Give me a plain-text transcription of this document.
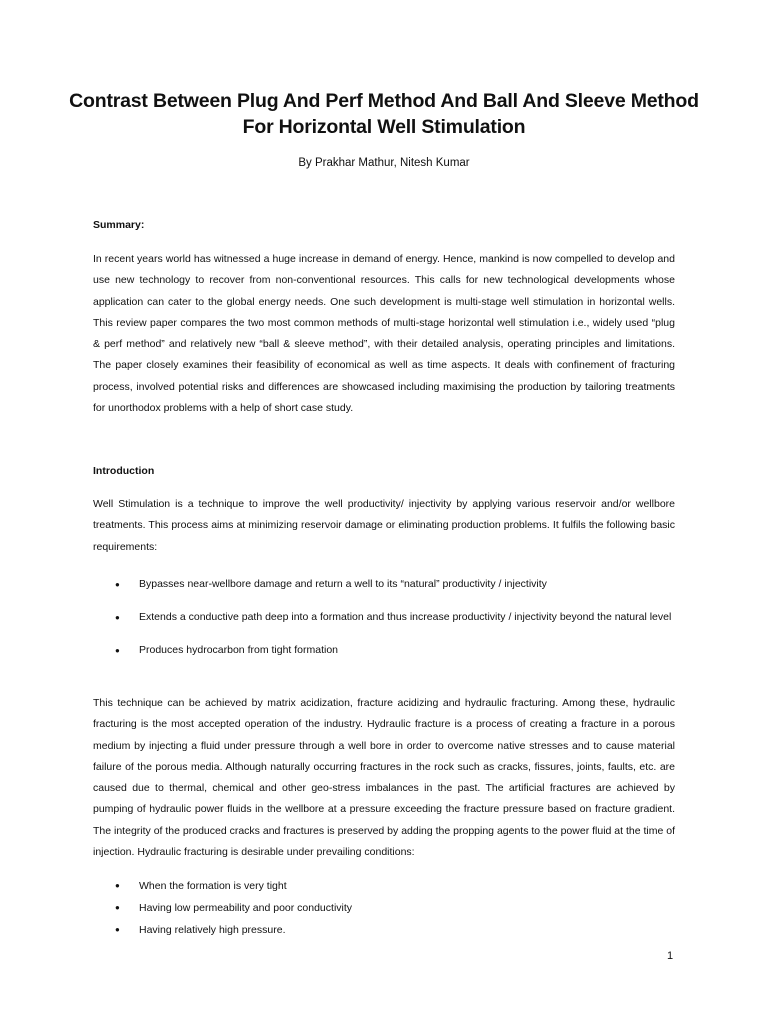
Contrast Between Plug And Perf Method And Ball And Sleeve Method For Horizontal Well Stimulation
By Prakhar Mathur, Nitesh Kumar
Summary:
In recent years world has witnessed a huge increase in demand of energy. Hence, mankind is now compelled to develop and use new technology to recover from non-conventional resources. This calls for new technological developments whose application can cater to the global energy needs. One such development is multi-stage well stimulation in horizontal wells. This review paper compares the two most common methods of multi-stage horizontal well stimulation i.e., widely used “plug & perf method” and relatively new “ball & sleeve method”, with their detailed analysis, operating principles and limitations. The paper closely examines their feasibility of economical as well as time aspects. It deals with confinement of fracturing process, involved potential risks and differences are showcased including maximising the production by tailoring treatments for unorthodox problems with a help of short case study.
Introduction
Well Stimulation is a technique to improve the well productivity/ injectivity by applying various reservoir and/or wellbore treatments. This process aims at minimizing reservoir damage or eliminating production problems. It fulfils the following basic requirements:
● Bypasses near-wellbore damage and return a well to its “natural” productivity / injectivity
● Extends a conductive path deep into a formation and thus increase productivity / injectivity beyond the natural level
● Produces hydrocarbon from tight formation
This technique can be achieved by matrix acidization, fracture acidizing and hydraulic fracturing. Among these, hydraulic fracturing is the most accepted operation of the industry. Hydraulic fracture is a process of creating a fracture in a porous medium by injecting a fluid under pressure through a well bore in order to overcome native stresses and to cause material failure of the porous media. Although naturally occurring fractures in the rock such as cracks, fissures, joints, faults, etc. are caused due to thermal, chemical and other geo-stress imbalances in the past. The artificial fractures are achieved by pumping of hydraulic power fluids in the wellbore at a pressure exceeding the fracture pressure based on fracture gradient. The integrity of the produced cracks and fractures is preserved by adding the propping agents to the power fluid at the time of injection. Hydraulic fracturing is desirable under prevailing conditions:
● When the formation is very tight
● Having low permeability and poor conductivity
● Having relatively high pressure.
1
